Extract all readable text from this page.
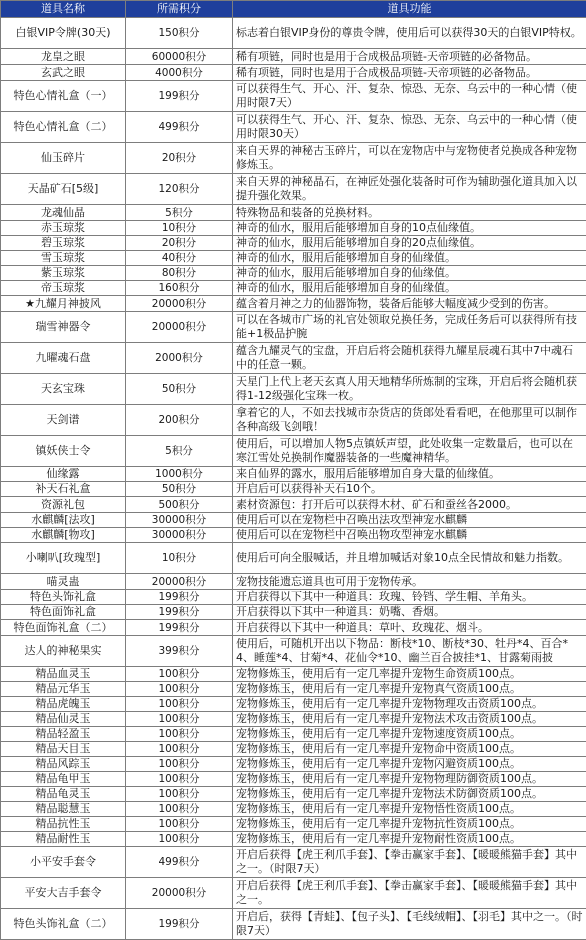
道具名称	所需积分	道具功能
白银VIP令牌(30天)	150积分	标志着白银VIP身份的尊贵令牌，使用后可以获得30天的白银VIP特权。
龙皇之眼	60000积分	稀有项链，同时也是用于合成极品项链-天帝项链的必备物品。
玄武之眼	4000积分	稀有项链，同时也是用于合成极品项链-天帝项链的必备物品。
特色心情礼盒（一）	199积分	可以获得生气、开心、汗、复杂、惊恐、无奈、乌云中的一种心情（使用时限7天）
特色心情礼盒（二）	499积分	可以获得生气、开心、汗、复杂、惊恐、无奈、乌云中的一种心情（使用时限30天）
仙玉碎片	20积分	来自天界的神秘古玉碎片，可以在宠物店中与宠物使者兑换成各种宠物修炼玉。
天晶矿石[5级]	120积分	来自天界的神秘晶石，在神匠处强化装备时可作为辅助强化道具加入以提升强化效果。
龙魂仙晶	5积分	特殊物品和装备的兑换材料。
赤玉琼浆	10积分	神奇的仙水，服用后能够增加自身的10点仙缘值。
碧玉琼浆	20积分	神奇的仙水，服用后能够增加自身的20点仙缘值。
雪玉琼浆	40积分	神奇的仙水，服用后能够增加自身的仙缘值。
紫玉琼浆	80积分	神奇的仙水，服用后能够增加自身的仙缘值。
帝玉琼浆	160积分	神奇的仙水，服用后能够增加自身的仙缘值。
★九耀月神披风	20000积分	蕴含着月神之力的仙器饰物，装备后能够大幅度减少受到的伤害。
瑞雪神器令	20000积分	可以在各城市广场的礼官处领取兑换任务，完成任务后可以获得所有技能+1极品护腕
九曜魂石盘	2000积分	蕴含九耀灵气的宝盘，开启后将会随机获得九耀星辰魂石其中7中魂石中的任意一颗。
天玄宝珠	50积分	天星门上代上老天玄真人用天地精华所炼制的宝珠，开启后将会随机获得1-12级强化宝珠一枚。
天剑谱	200积分	拿着它的人，不如去找城市杂货店的货郎处看看吧，在他那里可以制作各种高级飞剑哦！
镇妖侠士令	5积分	使用后，可以增加人物5点镇妖声望，此处收集一定数量后，也可以在寒江雪处兑换制作魔器装备的一些魔神精华。
仙缘露	1000积分	来自仙界的露水，服用后能够增加自身大量的仙缘值。
补天石礼盒	50积分	开启后可以获得补天石10个。
资源礼包	500积分	素材资源包：打开后可以获得木材、矿石和蚕丝各2000。
水麒麟[法攻]	30000积分	使用后可以在宠物栏中召唤出法攻型神宠水麒麟
水麒麟[物攻]	30000积分	使用后可以在宠物栏中召唤出物攻型神宠水麒麟
小喇叭[玫瑰型]	10积分	使用后可向全服喊话，并且增加喊话对象10点全民情故和魅力指数。
喵灵蛊	20000积分	宠物技能遗忘道具也可用于宠物传承。
特色头饰礼盒	199积分	开启获得以下其中一种道具：玫瑰、铃铛、学生帽、羊角头。
特色面饰礼盒	199积分	开启获得以下其中一种道具：奶嘴、香烟。
特色面饰礼盒（二）	199积分	开启获得以下其中一种道具：草叶、玫瑰花、烟斗。
达人的神秘果实	399积分	使用后，可随机开出以下物品：断枝*10、断枝*30、牡丹*4、百合*4、睡莲*4、甘菊*4、花仙令*10、幽兰百合披挂*1、甘露菊雨披
精品血灵玉	100积分	宠物修炼玉，使用后有一定几率提升宠物生命资质100点。
精品元华玉	100积分	宠物修炼玉，使用后有一定几率提升宠物真气资质100点。
精品虎魄玉	100积分	宠物修炼玉，使用后有一定几率提升宠物物理攻击资质100点。
精品仙灵玉	100积分	宠物修炼玉，使用后有一定几率提升宠物法术攻击资质100点。
精品轻盈玉	100积分	宠物修炼玉，使用后有一定几率提升宠物速度资质100点。
精品天目玉	100积分	宠物修炼玉，使用后有一定几率提升宠物命中资质100点。
精品风踪玉	100积分	宠物修炼玉，使用后有一定几率提升宠物闪避资质100点。
精品龟甲玉	100积分	宠物修炼玉，使用后有一定几率提升宠物物理防御资质100点。
精品龟灵玉	100积分	宠物修炼玉，使用后有一定几率提升宠物法术防御资质100点。
精品聪慧玉	100积分	宠物修炼玉，使用后有一定几率提升宠物悟性资质100点。
精品抗性玉	100积分	宠物修炼玉，使用后有一定几率提升宠物抗性资质100点。
精品耐性玉	100积分	宠物修炼玉，使用后有一定几率提升宠物耐性资质100点。
小平安手套令	499积分	开启后获得【虎王利爪手套】、【拳击赢家手套】、【暖暖熊猫手套】其中之一。（时限7天）
平安大吉手套令	20000积分	开启后获得【虎王利爪手套】、【拳击赢家手套】、【暖暖熊猫手套】其中之一。
特色头饰礼盒（二）	199积分	开启后，获得【青蛙】、【包子头】、【毛线绒帽】、【羽毛】其中之一。（时限7天）
